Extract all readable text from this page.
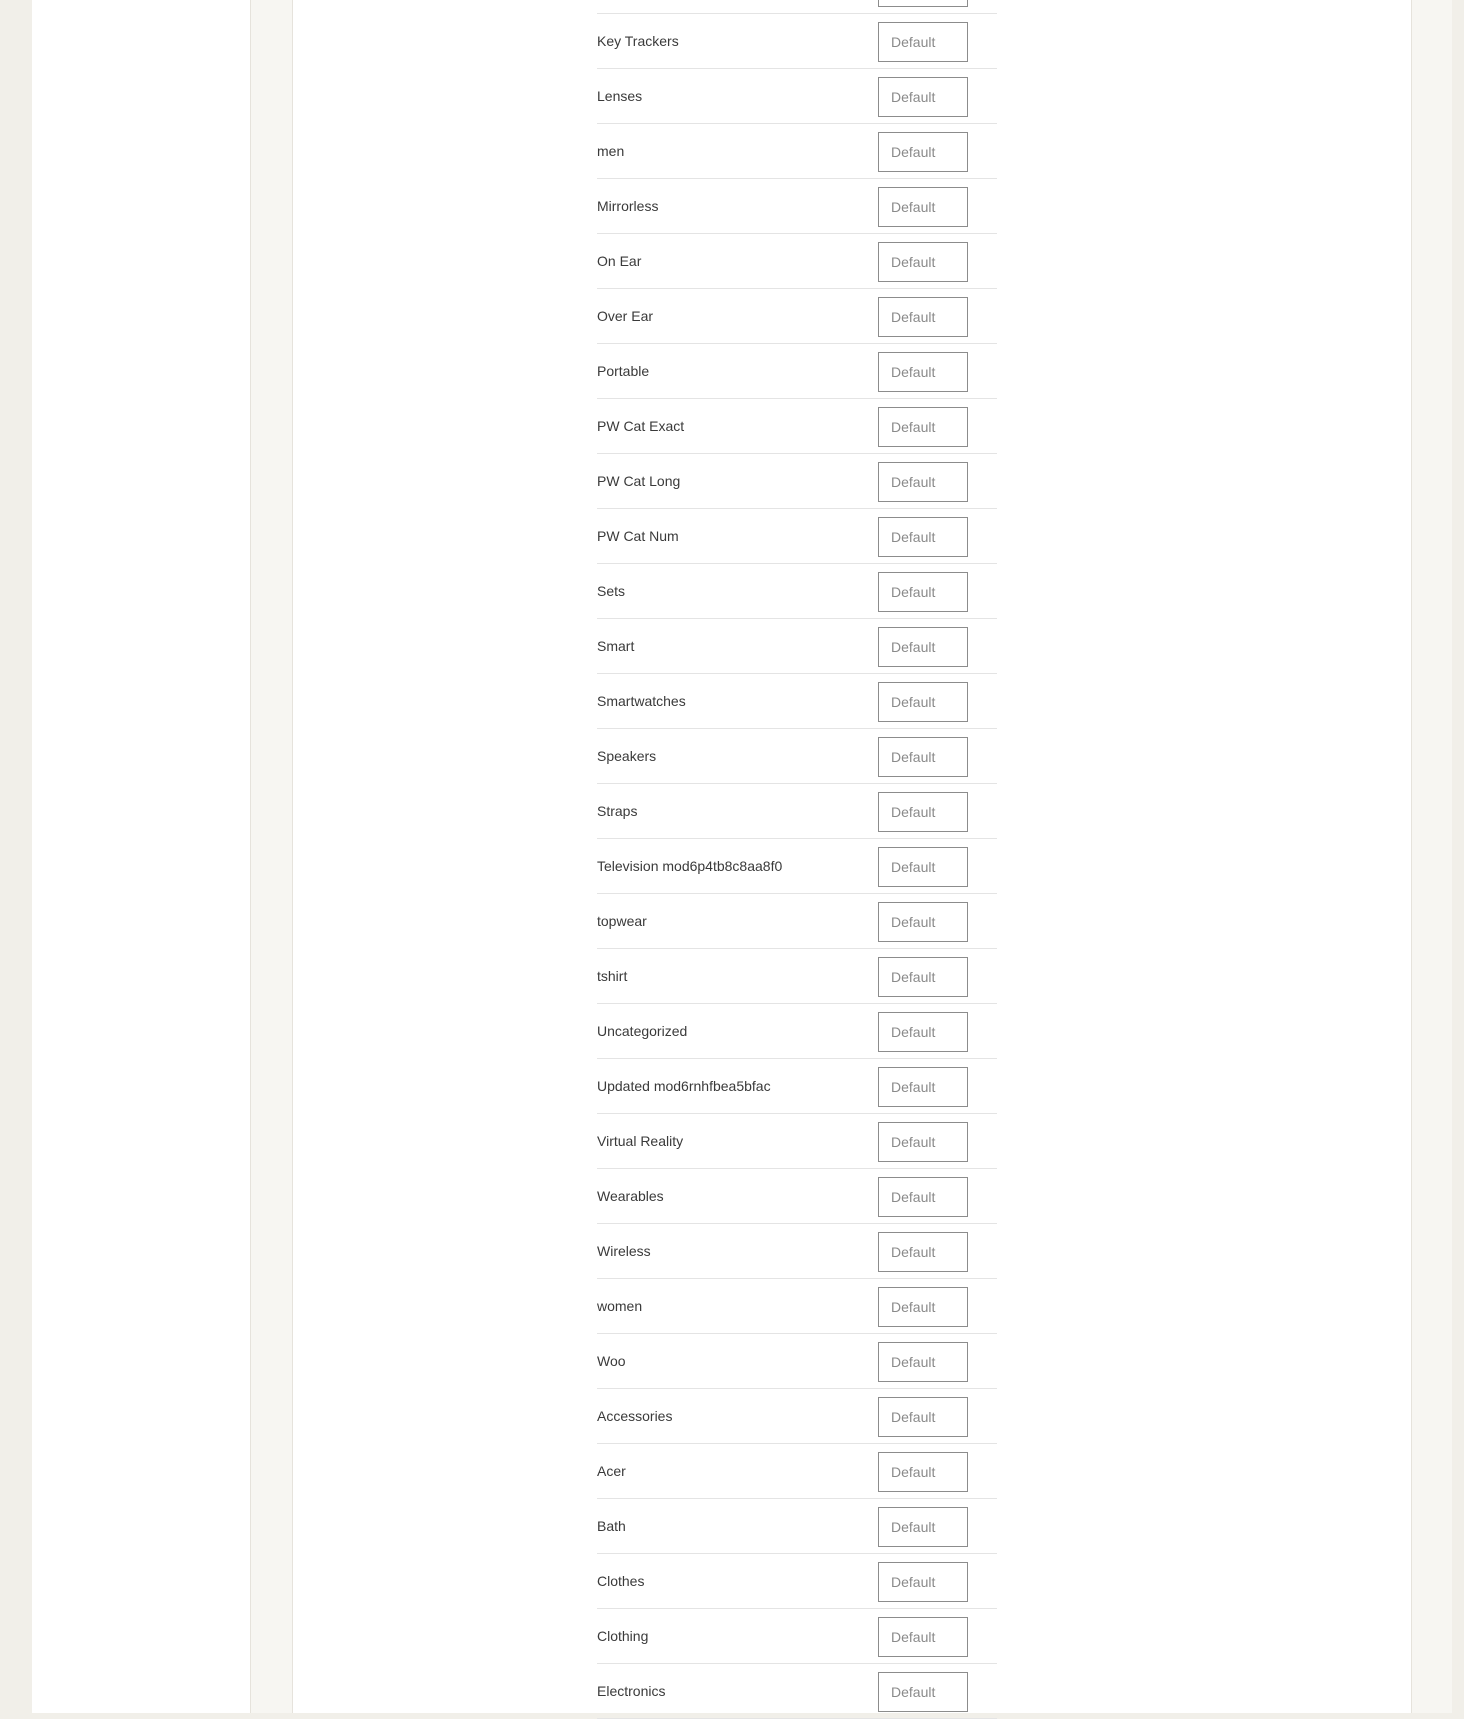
Default
Key Trackers
Default
Lenses
Default
men
Default
Mirrorless
Default
On Ear
Default
Over Ear
Default
Portable
Default
PW Cat Exact
Default
PW Cat Long
Default
PW Cat Num
Default
Sets
Default
Smart
Default
Smartwatches
Default
Speakers
Default
Straps
Default
Television mod6p4tb8c8aa8f0
Default
topwear
Default
tshirt
Default
Uncategorized
Default
Updated mod6rnhfbea5bfac
Default
Virtual Reality
Default
Wearables
Default
Wireless
Default
women
Default
Woo
Default
Accessories
Default
Acer
Default
Bath
Default
Clothes
Default
Clothing
Default
Electronics
Default
